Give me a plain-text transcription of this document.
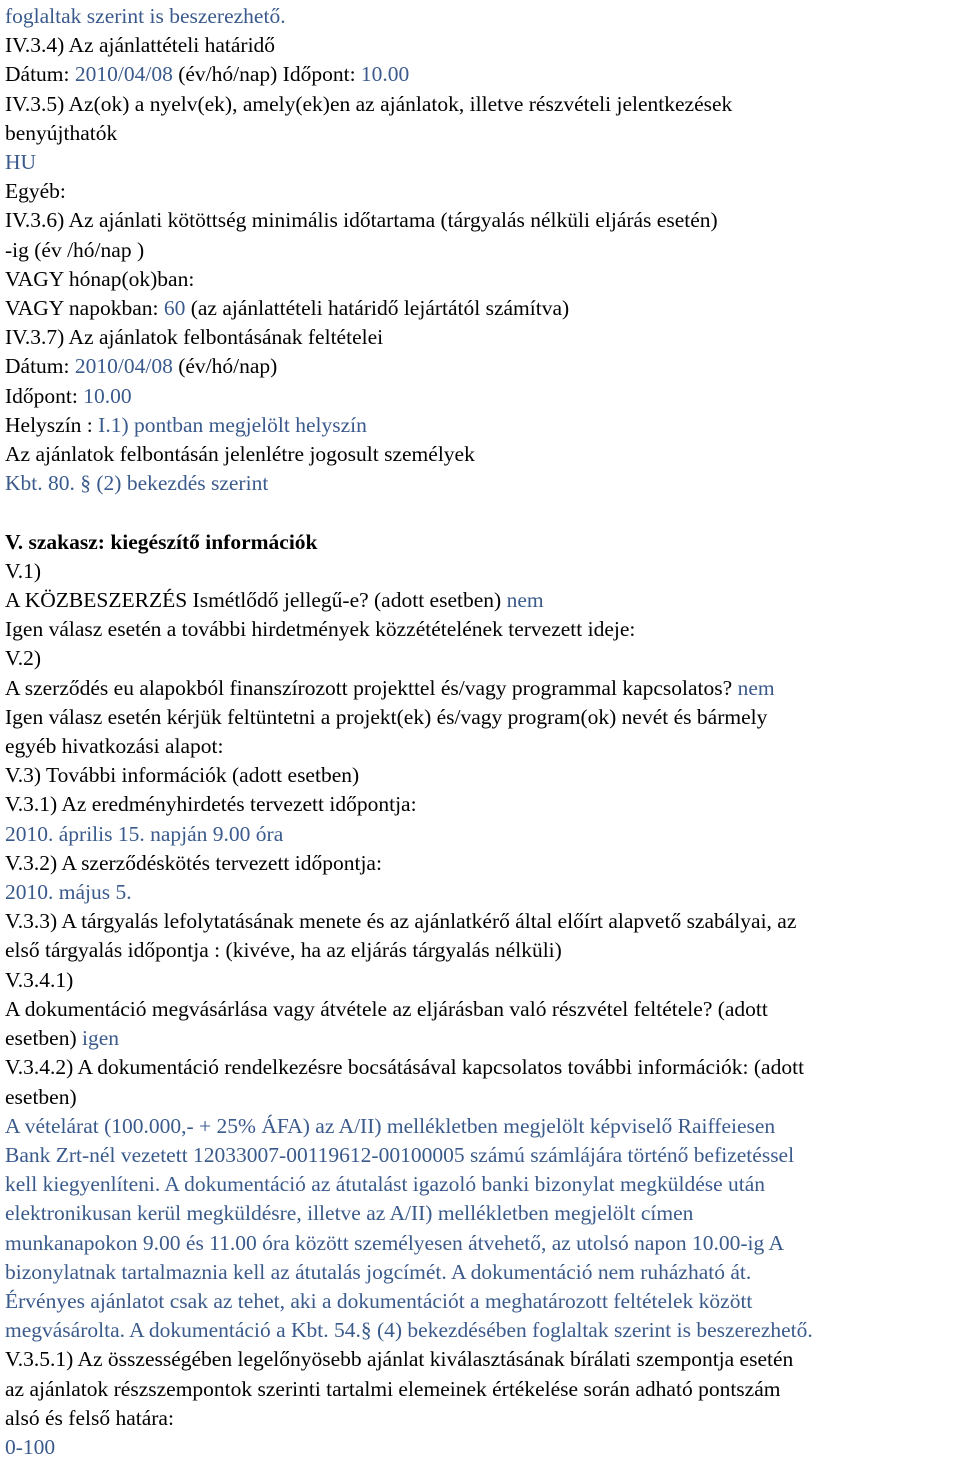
foglaltak szerint is beszerezhető.
IV.3.4) Az ajánlattételi határidő
Dátum: 2010/04/08 (év/hó/nap) Időpont: 10.00
IV.3.5) Az(ok) a nyelv(ek), amely(ek)en az ajánlatok, illetve részvételi jelentkezések
benyújthatók
HU
Egyéb:
IV.3.6) Az ajánlati kötöttség minimális időtartama (tárgyalás nélküli eljárás esetén)
-ig (év /hó/nap )
VAGY hónap(ok)ban:
VAGY napokban: 60 (az ajánlattételi határidő lejártától számítva)
IV.3.7) Az ajánlatok felbontásának feltételei
Dátum: 2010/04/08 (év/hó/nap)
Időpont: 10.00
Helyszín : I.1) pontban megjelölt helyszín
Az ajánlatok felbontásán jelenlétre jogosult személyek
Kbt. 80. § (2) bekezdés szerint
V. szakasz: kiegészítő információk
V.1)
A KÖZBESZERZÉS Ismétlődő jellegű-e? (adott esetben) nem
Igen válasz esetén a további hirdetmények közzétételének tervezett ideje:
V.2)
A szerződés eu alapokból finanszírozott projekttel és/vagy programmal kapcsolatos? nem
Igen válasz esetén kérjük feltüntetni a projekt(ek) és/vagy program(ok) nevét és bármely
egyéb hivatkozási alapot:
V.3) További információk (adott esetben)
V.3.1) Az eredményhirdetés tervezett időpontja:
2010. április 15. napján 9.00 óra
V.3.2) A szerződéskötés tervezett időpontja:
2010. május 5.
V.3.3) A tárgyalás lefolytatásának menete és az ajánlatkérő által előírt alapvető szabályai, az
első tárgyalás időpontja : (kivéve, ha az eljárás tárgyalás nélküli)
V.3.4.1)
A dokumentáció megvásárlása vagy átvétele az eljárásban való részvétel feltétele? (adott
esetben) igen
V.3.4.2) A dokumentáció rendelkezésre bocsátásával kapcsolatos további információk: (adott
esetben)
A vételárat (100.000,- + 25% ÁFA) az A/II) mellékletben megjelölt képviselő Raiffeiesen
Bank Zrt-nél vezetett 12033007-00119612-00100005 számú számlájára történő befizetéssel
kell kiegyenlíteni. A dokumentáció az átutalást igazoló banki bizonylat megküldése után
elektronikusan kerül megküldésre, illetve az A/II) mellékletben megjelölt címen
munkanapokon 9.00 és 11.00 óra között személyesen átvehető, az utolsó napon 10.00-ig A
bizonylatnak tartalmaznia kell az átutalás jogcímét. A dokumentáció nem ruházható át.
Érvényes ajánlatot csak az tehet, aki a dokumentációt a meghatározott feltételek között
megvásárolta. A dokumentáció a Kbt. 54.§ (4) bekezdésében foglaltak szerint is beszerezhető.
V.3.5.1) Az összességében legelőnyösebb ajánlat kiválasztásának bírálati szempontja esetén
az ajánlatok részszempontok szerinti tartalmi elemeinek értékelése során adható pontszám
alsó és felső határa:
0-100
